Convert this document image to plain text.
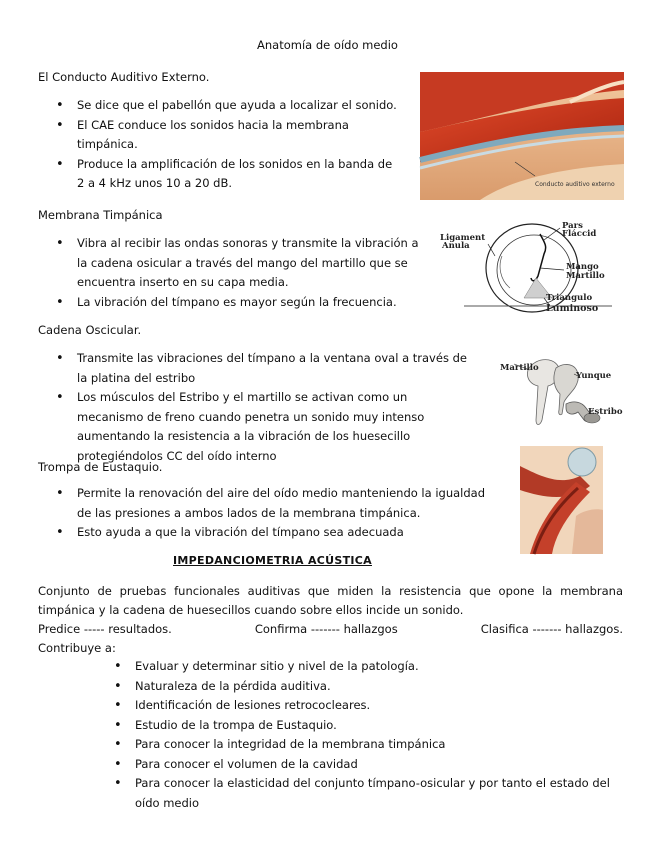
Anatomía de oído medio
El Conducto Auditivo Externo.
• Se dice que el pabellón que ayuda a localizar el sonido.
• El CAE conduce los sonidos hacia la membrana timpánica.
• Produce la amplificación de los sonidos en la banda de 2 a 4 kHz unos 10 a 20 dB.	Conducto auditivo externo
Membrana Timpánica
• Vibra al recibir las ondas sonoras y transmite la vibración a la cadena osicular a través del mango del martillo que se encuentra inserto en su capa media.
• La vibración del tímpano es mayor según la frecuencia.
Ligament
Anula
Pars
Fláccid
Mango
Martillo
Triangulo
Luminoso
Cadena Oscicular.
• Transmite las vibraciones del tímpano a la ventana oval a través de la platina del estribo
• Los músculos del Estribo y el martillo se activan como un mecanismo de freno cuando penetra un sonido muy intenso aumentando la resistencia a la vibración de los huesecillo protegiéndolos CC del oído interno
Martillo
Yunque
Estribo
Trompa de Eustaquio.
• Permite la renovación del aire del oído medio manteniendo la igualdad de las presiones a ambos lados de la membrana timpánica.
• Esto ayuda a que la vibración del tímpano sea adecuada
IMPEDANCIOMETRIA ACÚSTICA
Conjunto de pruebas funcionales auditivas que miden la resistencia que opone la membrana timpánica y la cadena de huesecillos cuando sobre ellos incide un sonido.
Predice ----- resultados.	Confirma ------- hallazgos	Clasifica ------- hallazgos.
Contribuye a:
• Evaluar y determinar sitio y nivel de la patología.
• Naturaleza de la pérdida auditiva.
• Identificación de lesiones retrococleares.
• Estudio de la trompa de Eustaquio.
• Para conocer la integridad de la membrana timpánica
• Para conocer el volumen de la cavidad
• Para conocer la elasticidad del conjunto tímpano-osicular y por tanto el estado del oído medio
